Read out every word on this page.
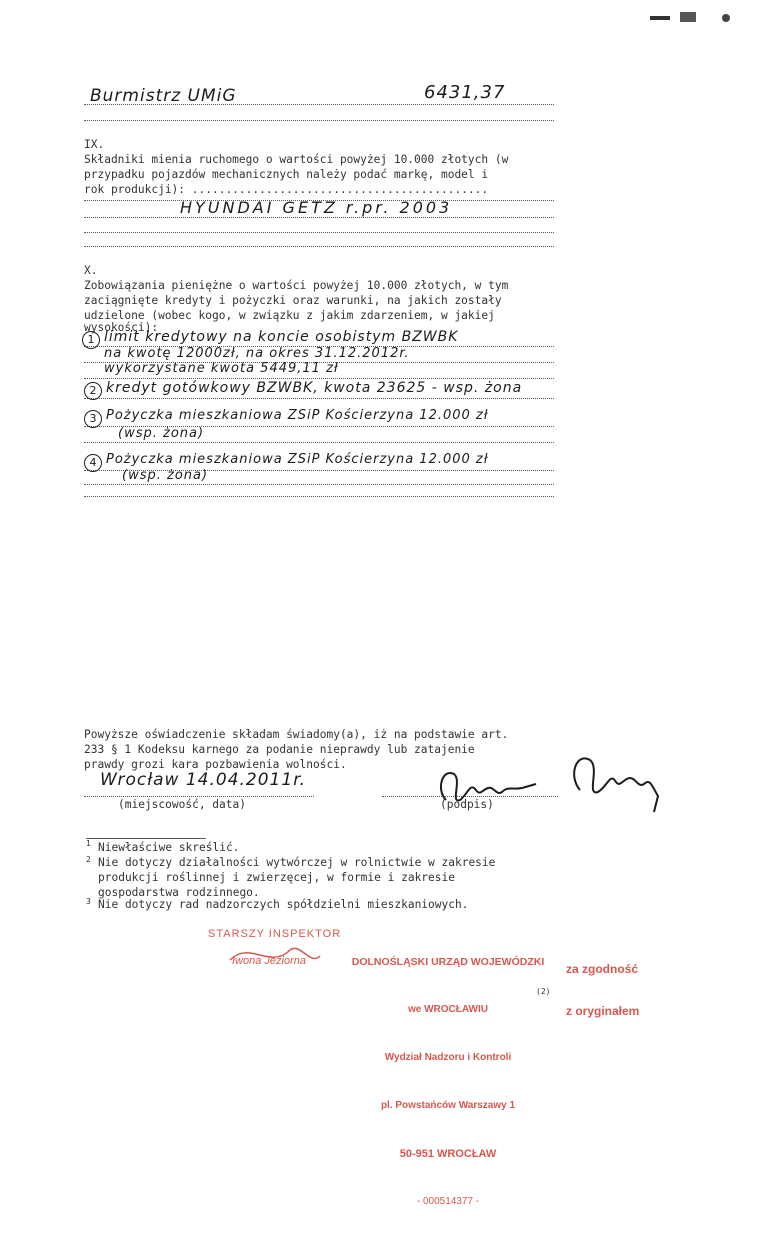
Burmistrz UMiG	6431,37
IX.
Składniki mienia ruchomego o wartości powyżej 10.000 złotych (w
przypadku pojazdów mechanicznych należy podać markę, model i
rok produkcji): ............................................
HYUNDAI GETZ r.pr. 2003
X.
Zobowiązania pieniężne o wartości powyżej 10.000 złotych, w tym
zaciągnięte kredyty i pożyczki oraz warunki, na jakich zostały
udzielone (wobec kogo, w związku z jakim zdarzeniem, w jakiej
wysokości):
1 limit kredytowy na koncie osobistym BZWBK
na kwotę 12000zł, na okres 31.12.2012r.
wykorzystane kwota 5449,11 zł
2 kredyt gotówkowy BZWBK, kwota 23625 - wsp. żona
3 Pożyczka mieszkaniowa ZSiP Kościerzyna 12.000 zł
(wsp. żona)
4 Pożyczka mieszkaniowa ZSiP Kościerzyna 12.000 zł
(wsp. żona)
Powyższe oświadczenie składam świadomy(a), iż na podstawie art.
233 § 1 Kodeksu karnego za podanie nieprawdy lub zatajenie
prawdy grozi kara pozbawienia wolności.
Wrocław 14.04.2011r.
(miejscowość, data)	(podpis)
1 Niewłaściwe skreślić.
2 Nie dotyczy działalności wytwórczej w rolnictwie w zakresie
produkcji roślinnej i zwierzęcej, w formie i zakresie
gospodarstwa rodzinnego.
3 Nie dotyczy rad nadzorczych spółdzielni mieszkaniowych.
STARSZY INSPEKTOR
Iwona Jeziorna

	DOLNOŚLĄSKI URZĄD WOJEWÓDZKI

we WROCŁAWIU

Wydział Nadzoru i Kontroli

pl. Powstańców Warszawy 1

50-951 WROCŁAW

- 000514377 -

za zgodność

z oryginałem

(2)
